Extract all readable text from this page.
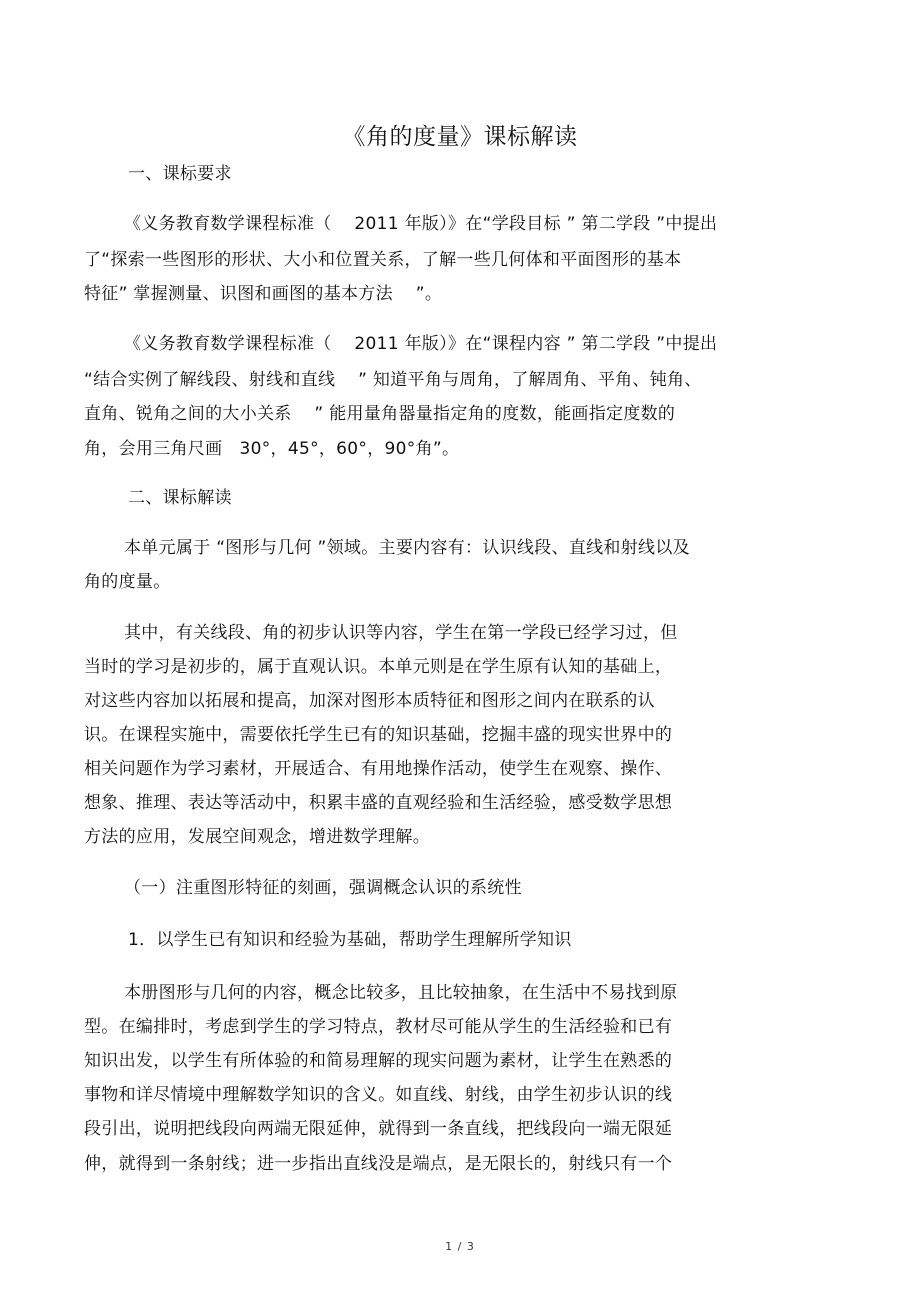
《角的度量》课标解读
一、课标要求
《义务教育数学课程标准（    2011 年版）》在“学段目标 ” 第二学段 ”中提出
了“探索一些图形的形状、大小和位置关系，了解一些几何体和平面图形的基本
特征” 掌握测量、识图和画图的基本方法    ”。
《义务教育数学课程标准（    2011 年版）》在“课程内容 ” 第二学段 ”中提出
“结合实例了解线段、射线和直线    ” 知道平角与周角，了解周角、平角、钝角、
直角、锐角之间的大小关系    ” 能用量角器量指定角的度数，能画指定度数的
角，会用三角尺画   30°，45°，60°，90°角”。
二、课标解读
本单元属于 “图形与几何 ”领域。主要内容有：认识线段、直线和射线以及
角的度量。
其中，有关线段、角的初步认识等内容，学生在第一学段已经学习过，但
当时的学习是初步的，属于直观认识。本单元则是在学生原有认知的基础上，
对这些内容加以拓展和提高，加深对图形本质特征和图形之间内在联系的认
识。在课程实施中，需要依托学生已有的知识基础，挖掘丰盛的现实世界中的
相关问题作为学习素材，开展适合、有用地操作活动，使学生在观察、操作、
想象、推理、表达等活动中，积累丰盛的直观经验和生活经验，感受数学思想
方法的应用，发展空间观念，增进数学理解。
（一）注重图形特征的刻画，强调概念认识的系统性
1．以学生已有知识和经验为基础，帮助学生理解所学知识
本册图形与几何的内容，概念比较多，且比较抽象，在生活中不易找到原
型。在编排时，考虑到学生的学习特点，教材尽可能从学生的生活经验和已有
知识出发，以学生有所体验的和简易理解的现实问题为素材，让学生在熟悉的
事物和详尽情境中理解数学知识的含义。如直线、射线，由学生初步认识的线
段引出，说明把线段向两端无限延伸，就得到一条直线，把线段向一端无限延
伸，就得到一条射线；进一步指出直线没是端点，是无限长的，射线只有一个
1 / 3
